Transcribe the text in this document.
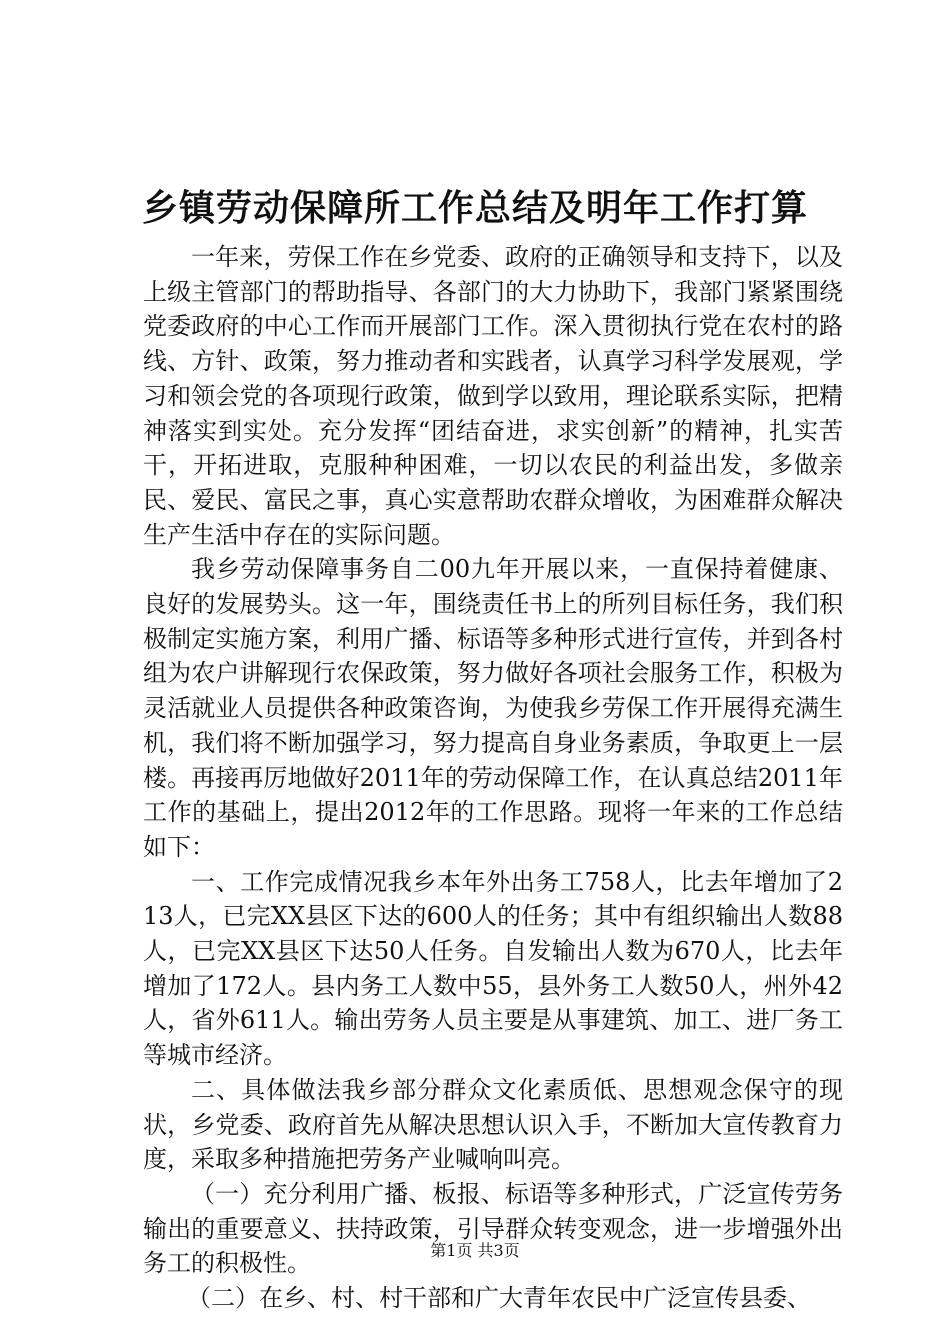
乡镇劳动保障所工作总结及明年工作打算

一年来，劳保工作在乡党委、政府的正确领导和支持下，以及上级主管部门的帮助指导、各部门的大力协助下，我部门紧紧围绕党委政府的中心工作而开展部门工作。深入贯彻执行党在农村的路线、方针、政策，努力推动者和实践者，认真学习科学发展观，学习和领会党的各项现行政策，做到学以致用，理论联系实际，把精神落实到实处。充分发挥“团结奋进，求实创新”的精神，扎实苦干，开拓进取，克服种种困难，一切以农民的利益出发，多做亲民、爱民、富民之事，真心实意帮助农群众增收，为困难群众解决生产生活中存在的实际问题。

我乡劳动保障事务自二00九年开展以来，一直保持着健康、良好的发展势头。这一年，围绕责任书上的所列目标任务，我们积极制定实施方案，利用广播、标语等多种形式进行宣传，并到各村组为农户讲解现行农保政策，努力做好各项社会服务工作，积极为灵活就业人员提供各种政策咨询，为使我乡劳保工作开展得充满生机，我们将不断加强学习，努力提高自身业务素质，争取更上一层楼。再接再厉地做好2011年的劳动保障工作，在认真总结2011年工作的基础上，提出2012年的工作思路。现将一年来的工作总结如下：

一、工作完成情况我乡本年外出务工758人，比去年增加了213人，已完XX县区下达的600人的任务；其中有组织输出人数88人，已完XX县区下达50人任务。自发输出人数为670人，比去年增加了172人。县内务工人数中55，县外务工人数50人，州外42人，省外611人。输出劳务人员主要是从事建筑、加工、进厂务工等城市经济。

二、具体做法我乡部分群众文化素质低、思想观念保守的现状，乡党委、政府首先从解决思想认识入手，不断加大宣传教育力度，采取多种措施把劳务产业喊响叫亮。

（一）充分利用广播、板报、标语等多种形式，广泛宣传劳务输出的重要意义、扶持政策，引导群众转变观念，进一步增强外出务工的积极性。

（二）在乡、村、村干部和广大青年农民中广泛宣传县委、

第1页 共3页
